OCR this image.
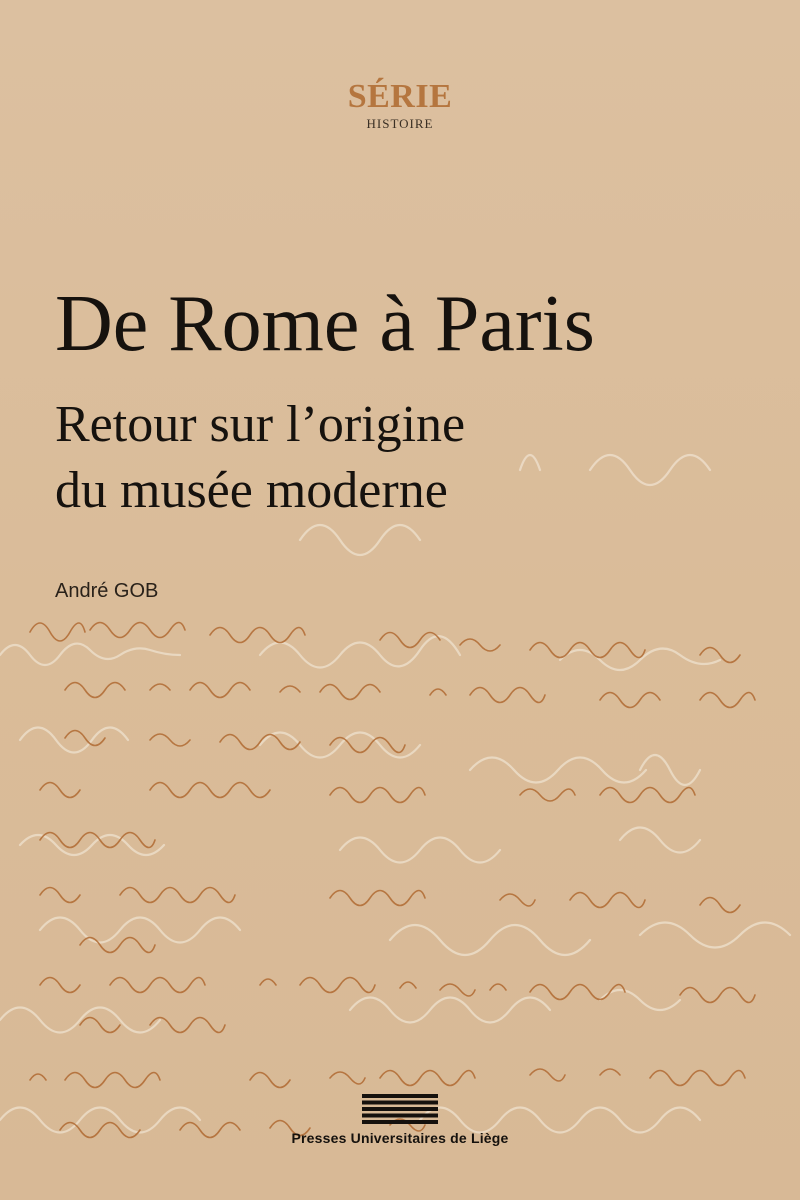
SÉRIE
HISTOIRE
De Rome à Paris
Retour sur l’origine
du musée moderne
André GOB
Presses Universitaires de Liège
